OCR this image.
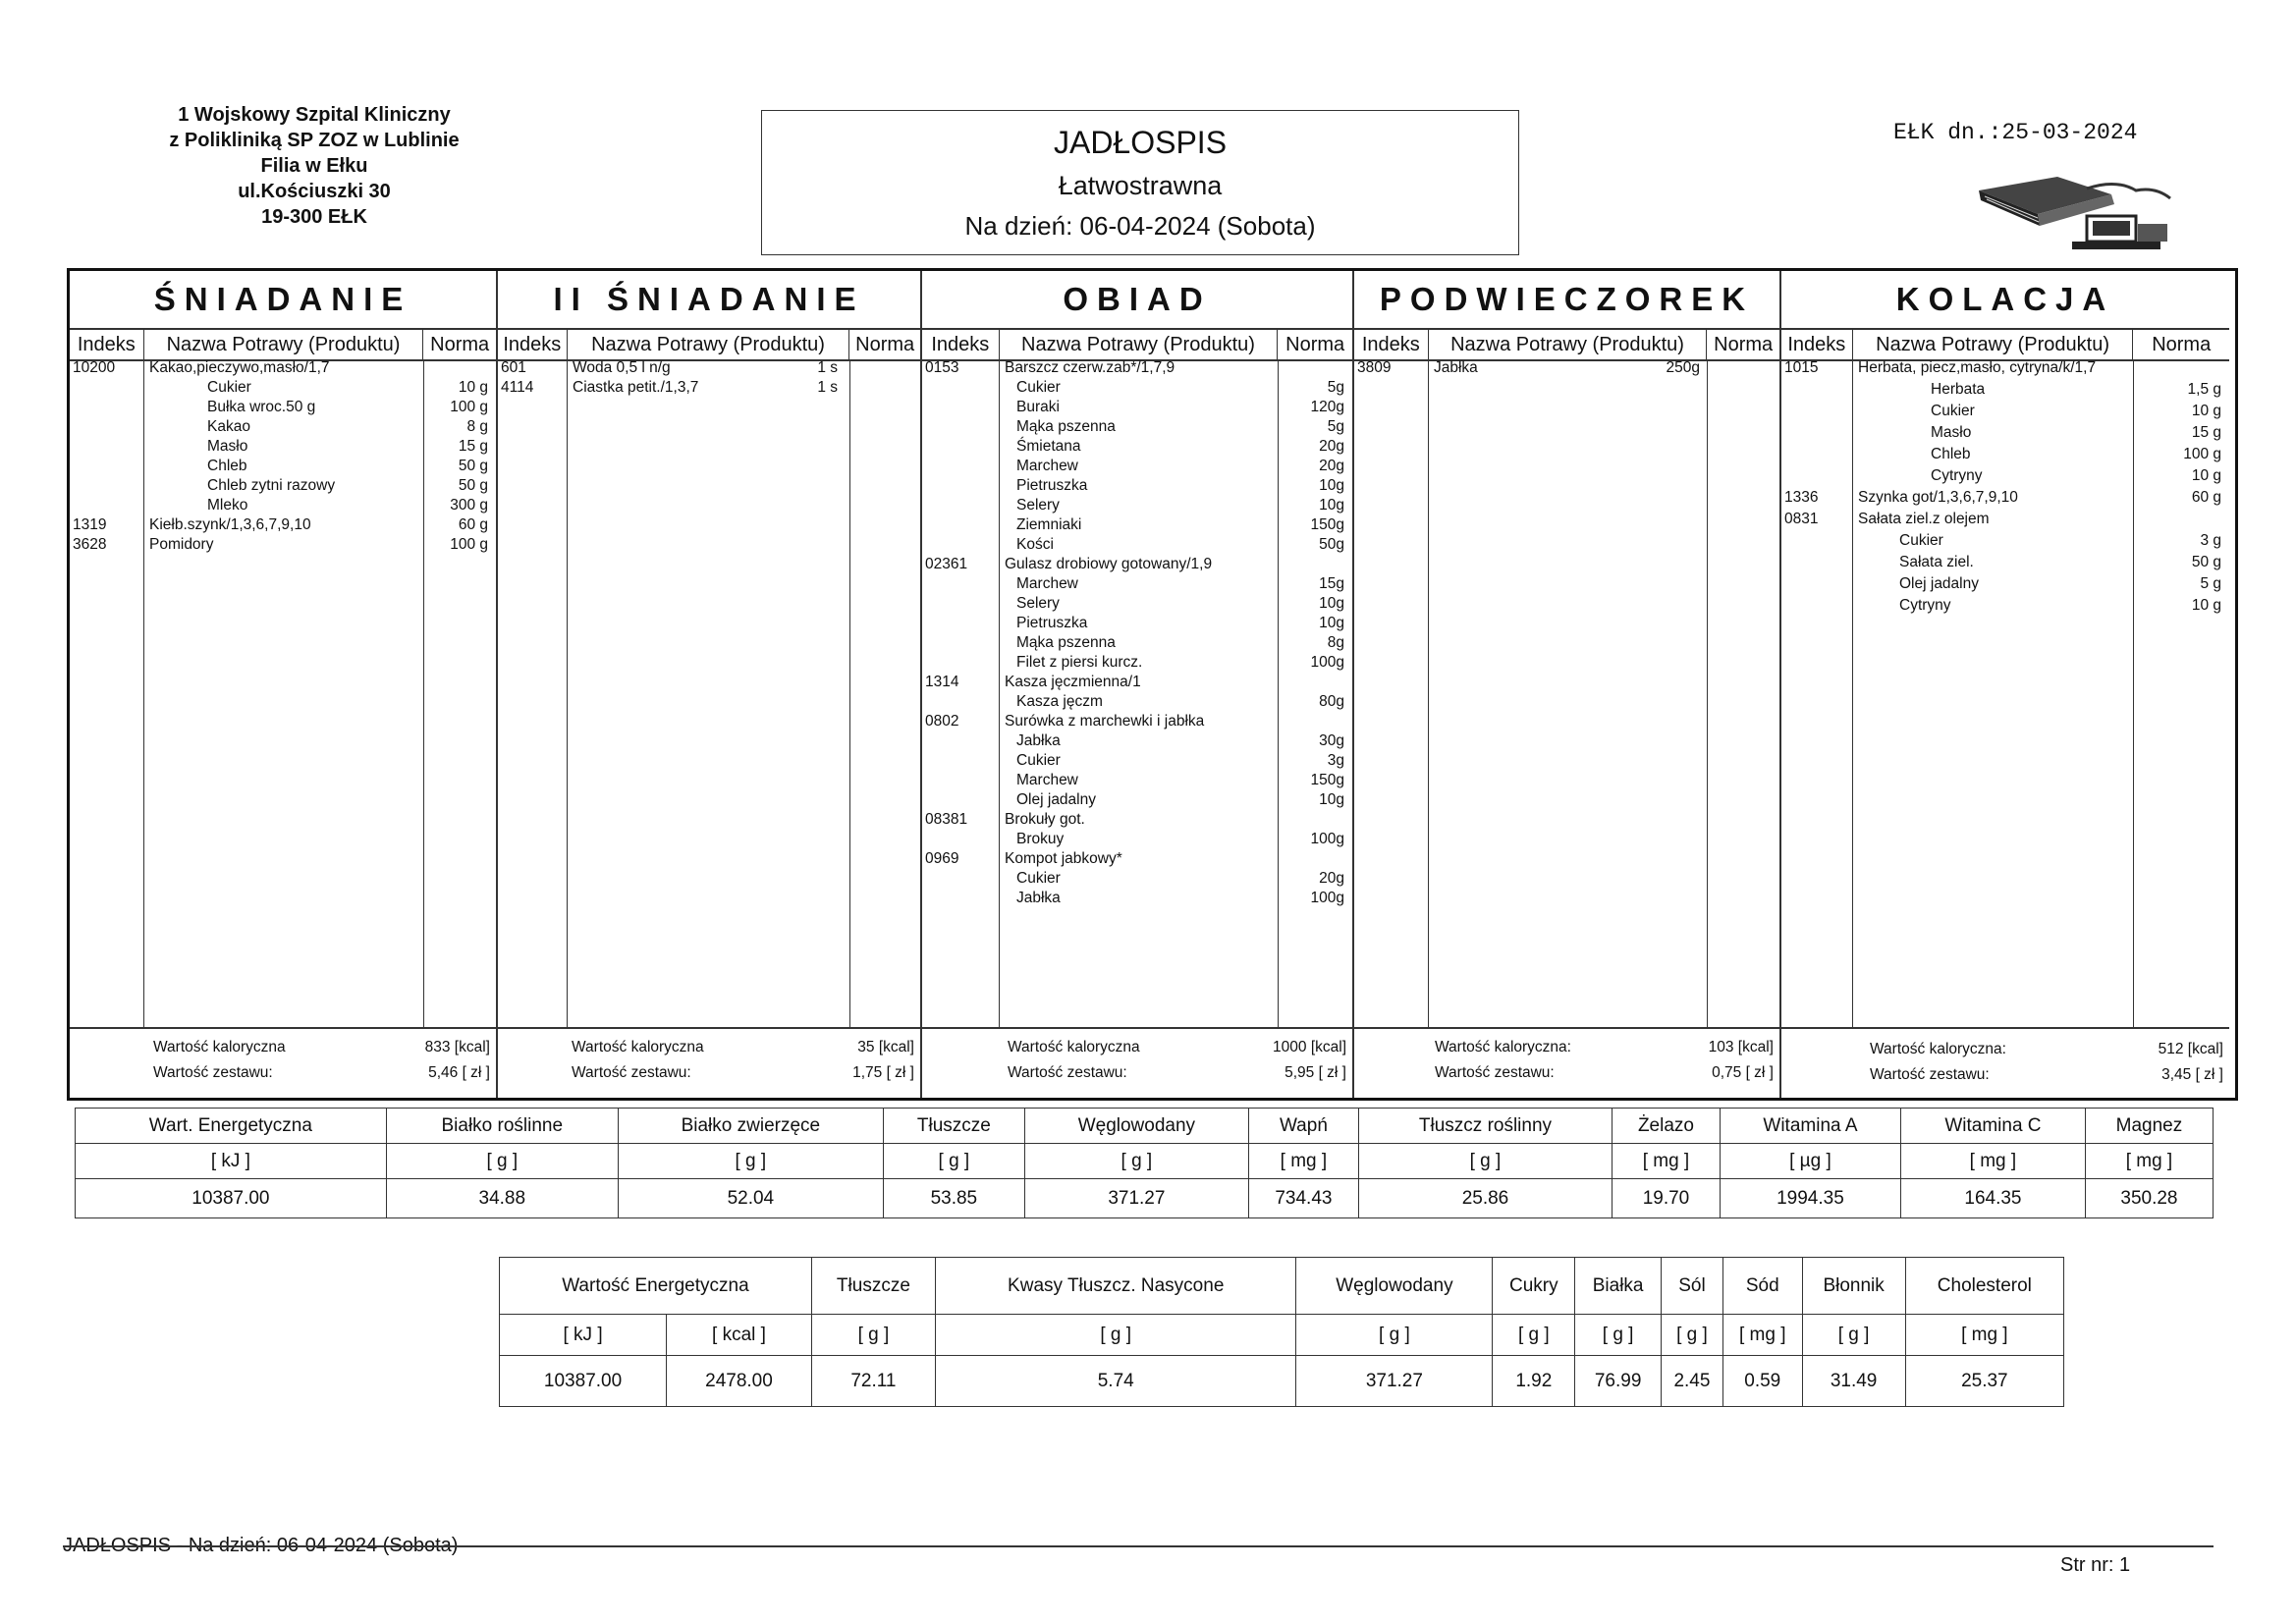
1 Wojskowy Szpital Kliniczny
z Polikliniką SP ZOZ w Lublinie
Filia w Ełku
ul.Kościuszki 30
19-300 EŁK
JADŁOSPIS
Łatwostrawna
Na dzień: 06-04-2024 (Sobota)
EŁK dn.:25-03-2024
ŚNIADANIE
Indeks	Nazwa Potrawy (Produktu)	Norma
10200 Kakao,pieczywo,masło/1,7
Cukier	10 g
Bułka wroc.50 g	100 g
Kakao	8 g
Masło	15 g
Chleb	50 g
Chleb zytni razowy	50 g
Mleko	300 g
1319	Kiełb.szynk/1,3,6,7,9,10	60 g
3628	Pomidory	100 g
Wartość kaloryczna	833 [kcal]
Wartość zestawu:	5,46 [ zł ]
II ŚNIADANIE
Indeks	Nazwa Potrawy (Produktu)	Norma
601	Woda 0,5 l n/g	1 s
4114	Ciastka petit./1,3,7	1 s
Wartość kaloryczna	35 [kcal]
Wartość zestawu:	1,75 [ zł ]
OBIAD
Indeks	Nazwa Potrawy (Produktu)	Norma
0153	Barszcz czerw.zab*/1,7,9
Cukier	5g
Buraki	120g
Mąka pszenna	5g
Śmietana	20g
Marchew	20g
Pietruszka	10g
Selery	10g
Ziemniaki	150g
Kości	50g
02361 Gulasz drobiowy gotowany/1,9
Marchew	15g
Selery	10g
Pietruszka	10g
Mąka pszenna	8g
Filet z piersi kurcz.	100g
1314	Kasza jęczmienna/1
Kasza jęczm	80g
0802	Surówka z marchewki i jabłka
Jabłka	30g
Cukier	3g
Marchew	150g
Olej jadalny	10g
08381 Brokuły got.
Brokuy	100g
0969	Kompot jabkowy*
Cukier	20g
Jabłka	100g
Wartość kaloryczna	1000 [kcal]
Wartość zestawu:	5,95 [ zł ]
PODWIECZOREK
Indeks	Nazwa Potrawy (Produktu)	Norma
3809	Jabłka	250g
Wartość kaloryczna:	103 [kcal]
Wartość zestawu:	0,75 [ zł ]
KOLACJA
Indeks	Nazwa Potrawy (Produktu)	Norma
1015	Herbata, piecz,masło, cytryna/k/1,7
Herbata	1,5 g
Cukier	10 g
Masło	15 g
Chleb	100 g
Cytryny	10 g
1336	Szynka got/1,3,6,7,9,10	60 g
0831	Sałata ziel.z olejem
Cukier	3 g
Sałata ziel.	50 g
Olej jadalny	5 g
Cytryny	10 g
Wartość kaloryczna:	512 [kcal]
Wartość zestawu:	3,45 [ zł ]
Wart. Energetyczna	Białko roślinne	Białko zwierzęce	Tłuszcze	Węglowodany	Wapń	Tłuszcz roślinny	Żelazo	Witamina A	Witamina C	Magnez
[ kJ ]	[ g ]	[ g ]	[ g ]	[ g ]	[ mg ]	[ g ]	[ mg ]	[ µg ]	[ mg ]	[ mg ]
10387.00	34.88	52.04	53.85	371.27	734.43	25.86	19.70	1994.35	164.35	350.28
Wartość Energetyczna		Tłuszcze	Kwasy Tłuszcz. Nasycone	Węglowodany	Cukry	Białka	Sól	Sód	Błonnik	Cholesterol
[ kJ ]	[ kcal ]	[ g ]	[ g ]	[ g ]	[ g ]	[ g ]	[ g ]	[ mg ]	[ g ]	[ mg ]
10387.00	2478.00	72.11	5.74	371.27	1.92	76.99	2.45	0.59	31.49	25.37
JADŁOSPIS - Na dzień: 06-04-2024 (Sobota)
Str nr: 1
